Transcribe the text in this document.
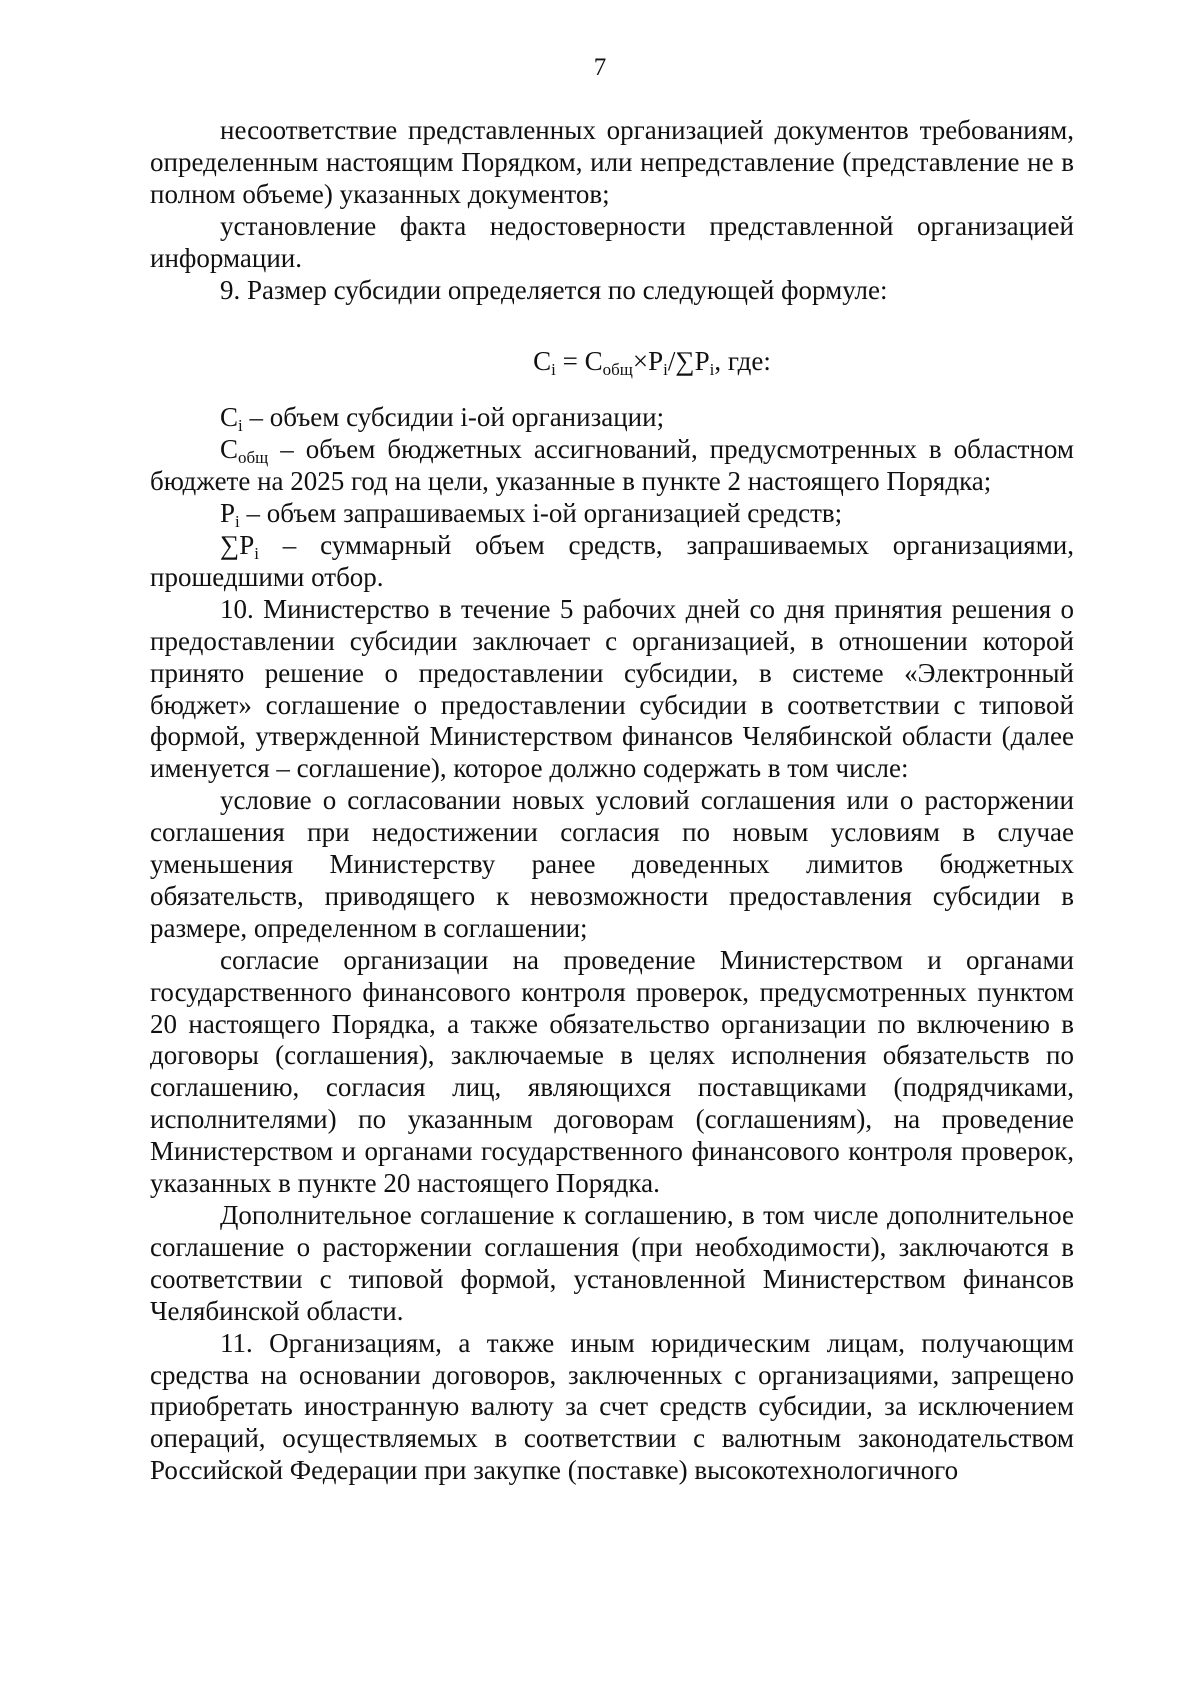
7

несоответствие представленных организацией документов требованиям, определенным настоящим Порядком, или непредставление (представление не в полном объеме) указанных документов;

установление факта недостоверности представленной организацией информации.

9. Размер субсидии определяется по следующей формуле:

$C_i = C_{общ}\times P_i/\sum P_i$, где:

$C_i$ – объем субсидии i-ой организации;

$C_{общ}$ – объем бюджетных ассигнований, предусмотренных в областном бюджете на 2025 год на цели, указанные в пункте 2 настоящего Порядка;

$P_i$ – объем запрашиваемых i-ой организацией средств;

$\sum P_i$ – суммарный объем средств, запрашиваемых организациями, прошедшими отбор.

10. Министерство в течение 5 рабочих дней со дня принятия решения о предоставлении субсидии заключает с организацией, в отношении которой принято решение о предоставлении субсидии, в системе «Электронный бюджет» соглашение о предоставлении субсидии в соответствии с типовой формой, утвержденной Министерством финансов Челябинской области (далее именуется – соглашение), которое должно содержать в том числе:

условие о согласовании новых условий соглашения или о расторжении соглашения при недостижении согласия по новым условиям в случае уменьшения Министерству ранее доведенных лимитов бюджетных обязательств, приводящего к невозможности предоставления субсидии в размере, определенном в соглашении;

согласие организации на проведение Министерством и органами государственного финансового контроля проверок, предусмотренных пунктом 20 настоящего Порядка, а также обязательство организации по включению в договоры (соглашения), заключаемые в целях исполнения обязательств по соглашению, согласия лиц, являющихся поставщиками (подрядчиками, исполнителями) по указанным договорам (соглашениям), на проведение Министерством и органами государственного финансового контроля проверок, указанных в пункте 20 настоящего Порядка.

Дополнительное соглашение к соглашению, в том числе дополнительное соглашение о расторжении соглашения (при необходимости), заключаются в соответствии с типовой формой, установленной Министерством финансов Челябинской области.

11. Организациям, а также иным юридическим лицам, получающим средства на основании договоров, заключенных с организациями, запрещено приобретать иностранную валюту за счет средств субсидии, за исключением операций, осуществляемых в соответствии с валютным законодательством Российской Федерации при закупке (поставке) высокотехнологичного
